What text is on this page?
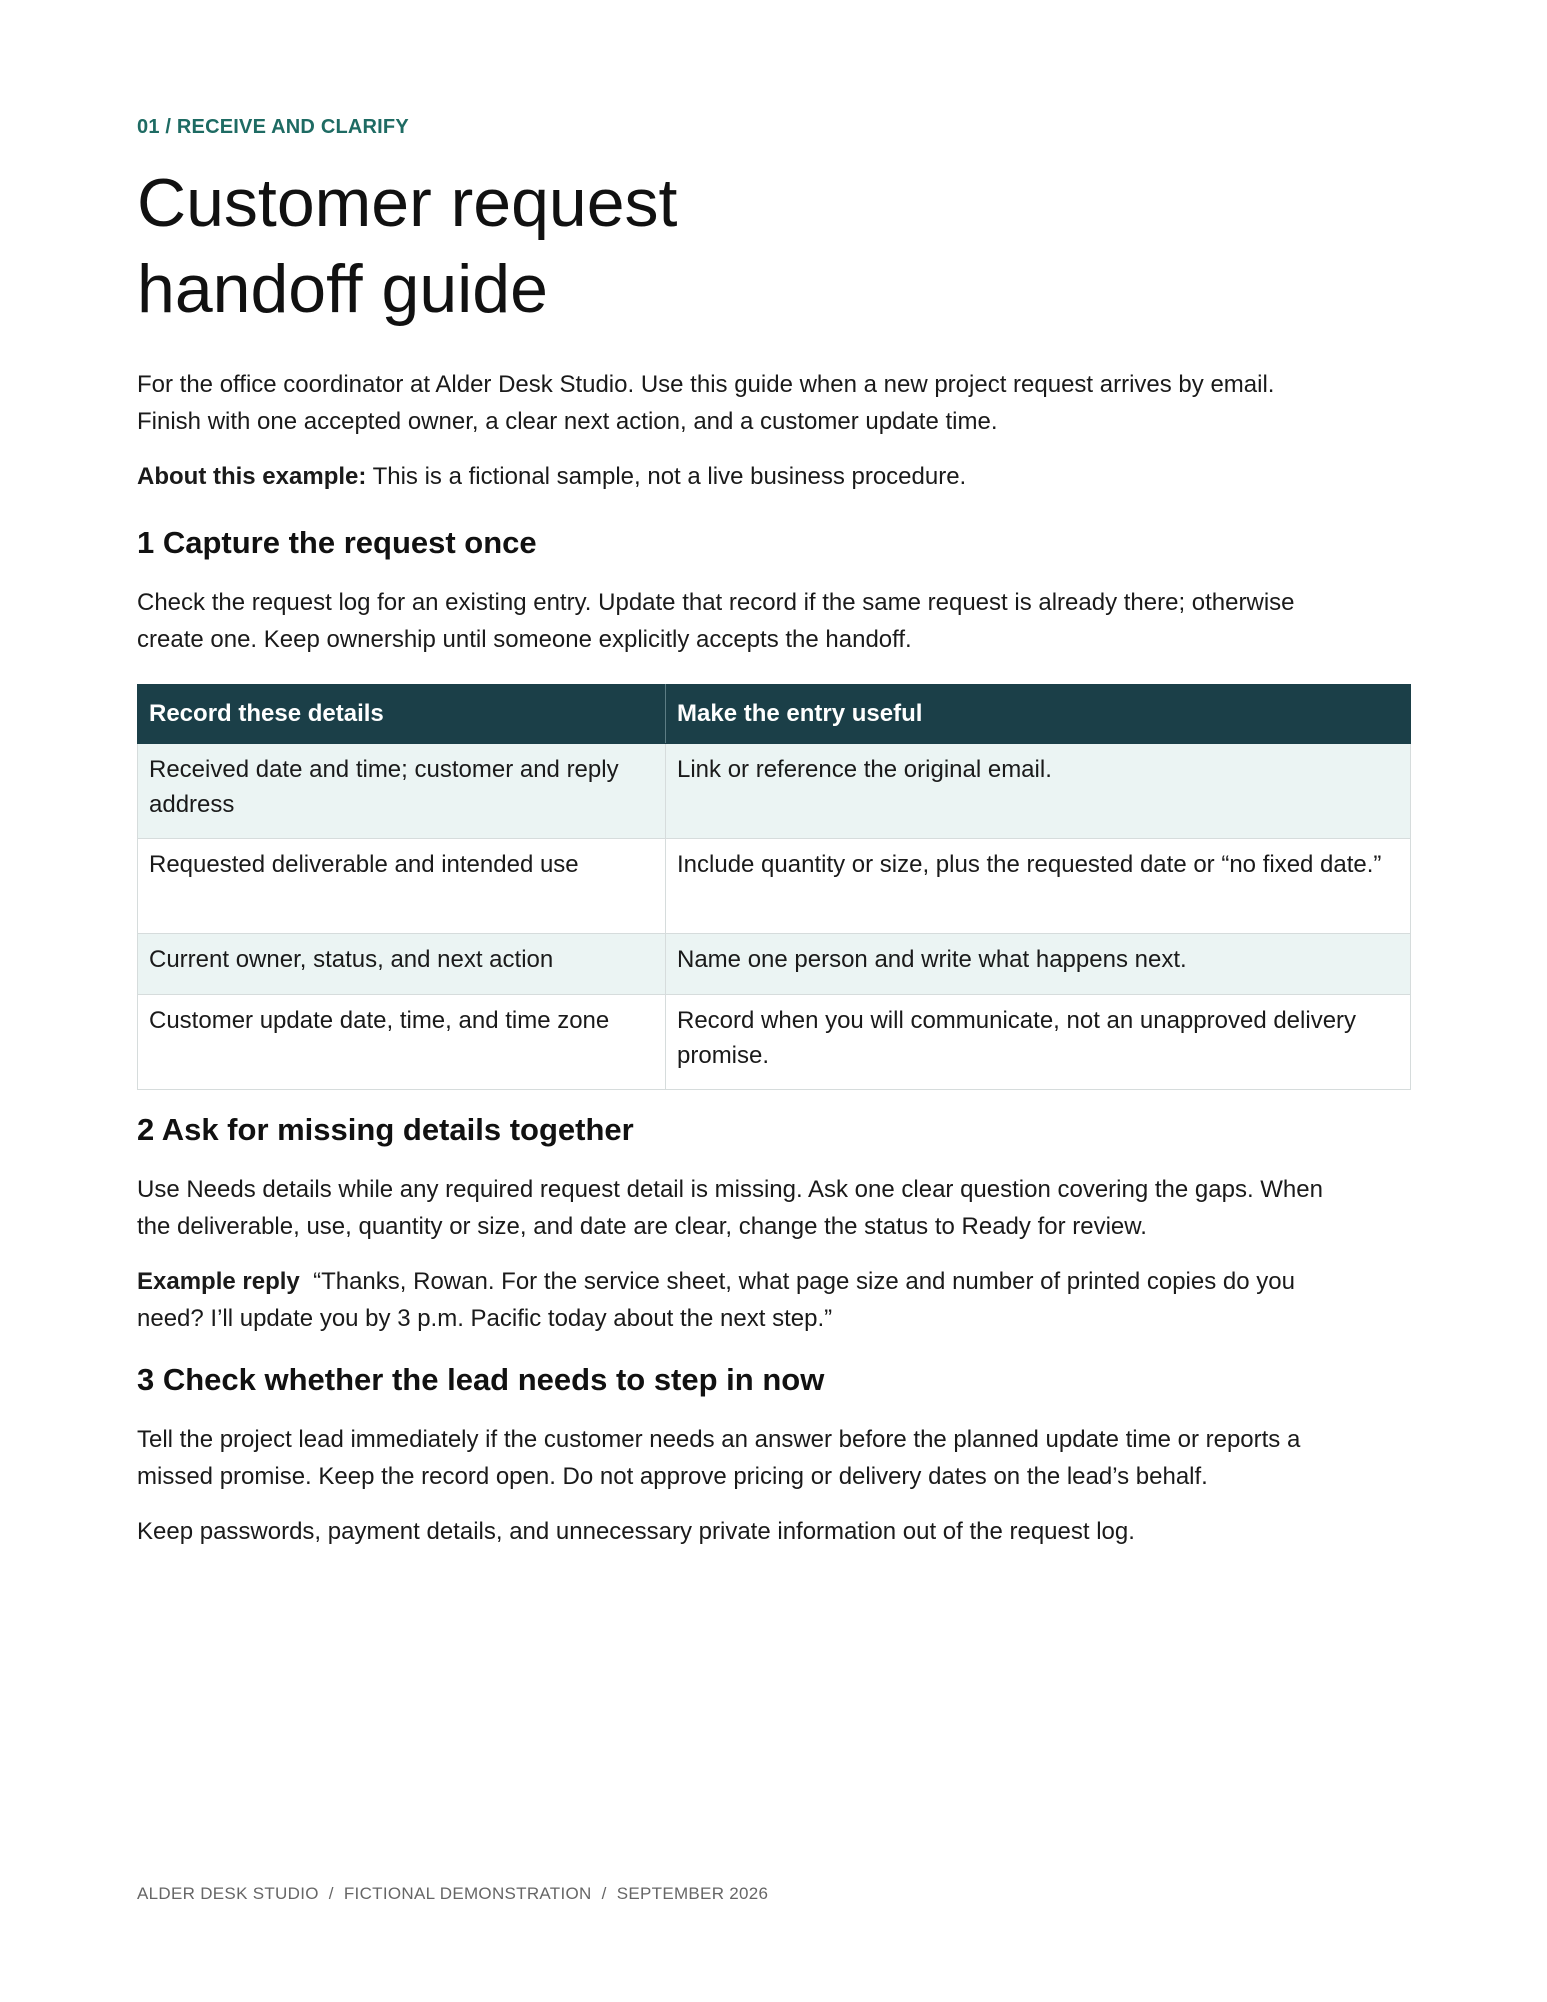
01 / RECEIVE AND CLARIFY
Customer request
handoff guide

For the office coordinator at Alder Desk Studio. Use this guide when a new project request arrives by email.
Finish with one accepted owner, a clear next action, and a customer update time.

About this example: This is a fictional sample, not a live business procedure.

1 Capture the request once

Check the request log for an existing entry. Update that record if the same request is already there; otherwise
create one. Keep ownership until someone explicitly accepts the handoff.

Record these details	Make the entry useful
Received date and time; customer and reply address	Link or reference the original email.
Requested deliverable and intended use	Include quantity or size, plus the requested date or “no fixed date.”
Current owner, status, and next action	Name one person and write what happens next.
Customer update date, time, and time zone	Record when you will communicate, not an unapproved delivery promise.
2 Ask for missing details together

Use Needs details while any required request detail is missing. Ask one clear question covering the gaps. When
the deliverable, use, quantity or size, and date are clear, change the status to Ready for review.

Example reply  “Thanks, Rowan. For the service sheet, what page size and number of printed copies do you
need? I’ll update you by 3 p.m. Pacific today about the next step.”

3 Check whether the lead needs to step in now

Tell the project lead immediately if the customer needs an answer before the planned update time or reports a
missed promise. Keep the record open. Do not approve pricing or delivery dates on the lead’s behalf.

Keep passwords, payment details, and unnecessary private information out of the request log.

ALDER DESK STUDIO  /  FICTIONAL DEMONSTRATION  /  SEPTEMBER 2026
